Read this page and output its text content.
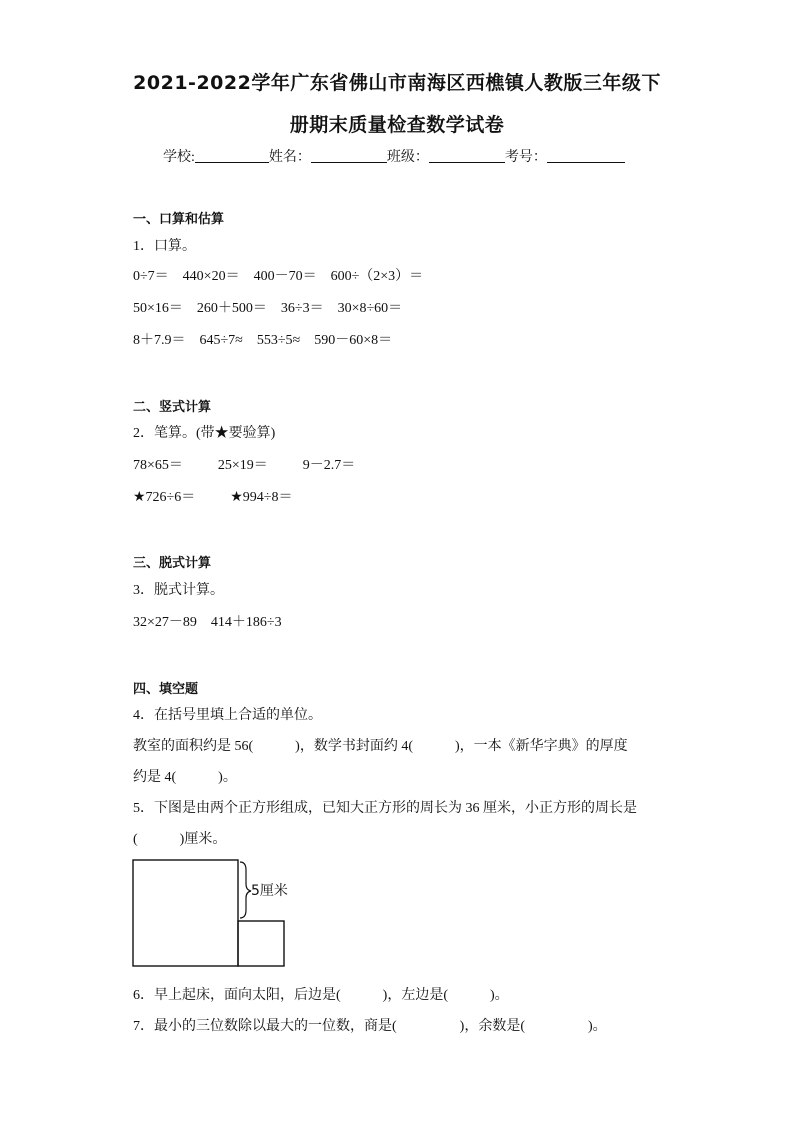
2021-2022学年广东省佛山市南海区西樵镇人教版三年级下
册期末质量检查数学试卷
学校:	姓名：	班级：	考号：
一、口算和估算
1．口算。
0÷7＝    440×20＝    400－70＝    600÷（2×3）＝
50×16＝    260＋500＝    36÷3＝    30×8÷60＝
8＋7.9＝    645÷7≈    553÷5≈    590－60×8＝
二、竖式计算
2．笔算。(带★要验算)
78×65＝          25×19＝          9－2.7＝
★726÷6＝          ★994÷8＝
三、脱式计算
3．脱式计算。
32×27－89    414＋186÷3
四、填空题
4．在括号里填上合适的单位。
教室的面积约是 56(            )，数学书封面约 4(            )，一本《新华字典》的厚度
约是 4(            )。
5．下图是由两个正方形组成，已知大正方形的周长为 36 厘米，小正方形的周长是
(            )厘米。
5厘米
6．早上起床，面向太阳，后边是(            )，左边是(            )。
7．最小的三位数除以最大的一位数，商是(                  )，余数是(                  )。
